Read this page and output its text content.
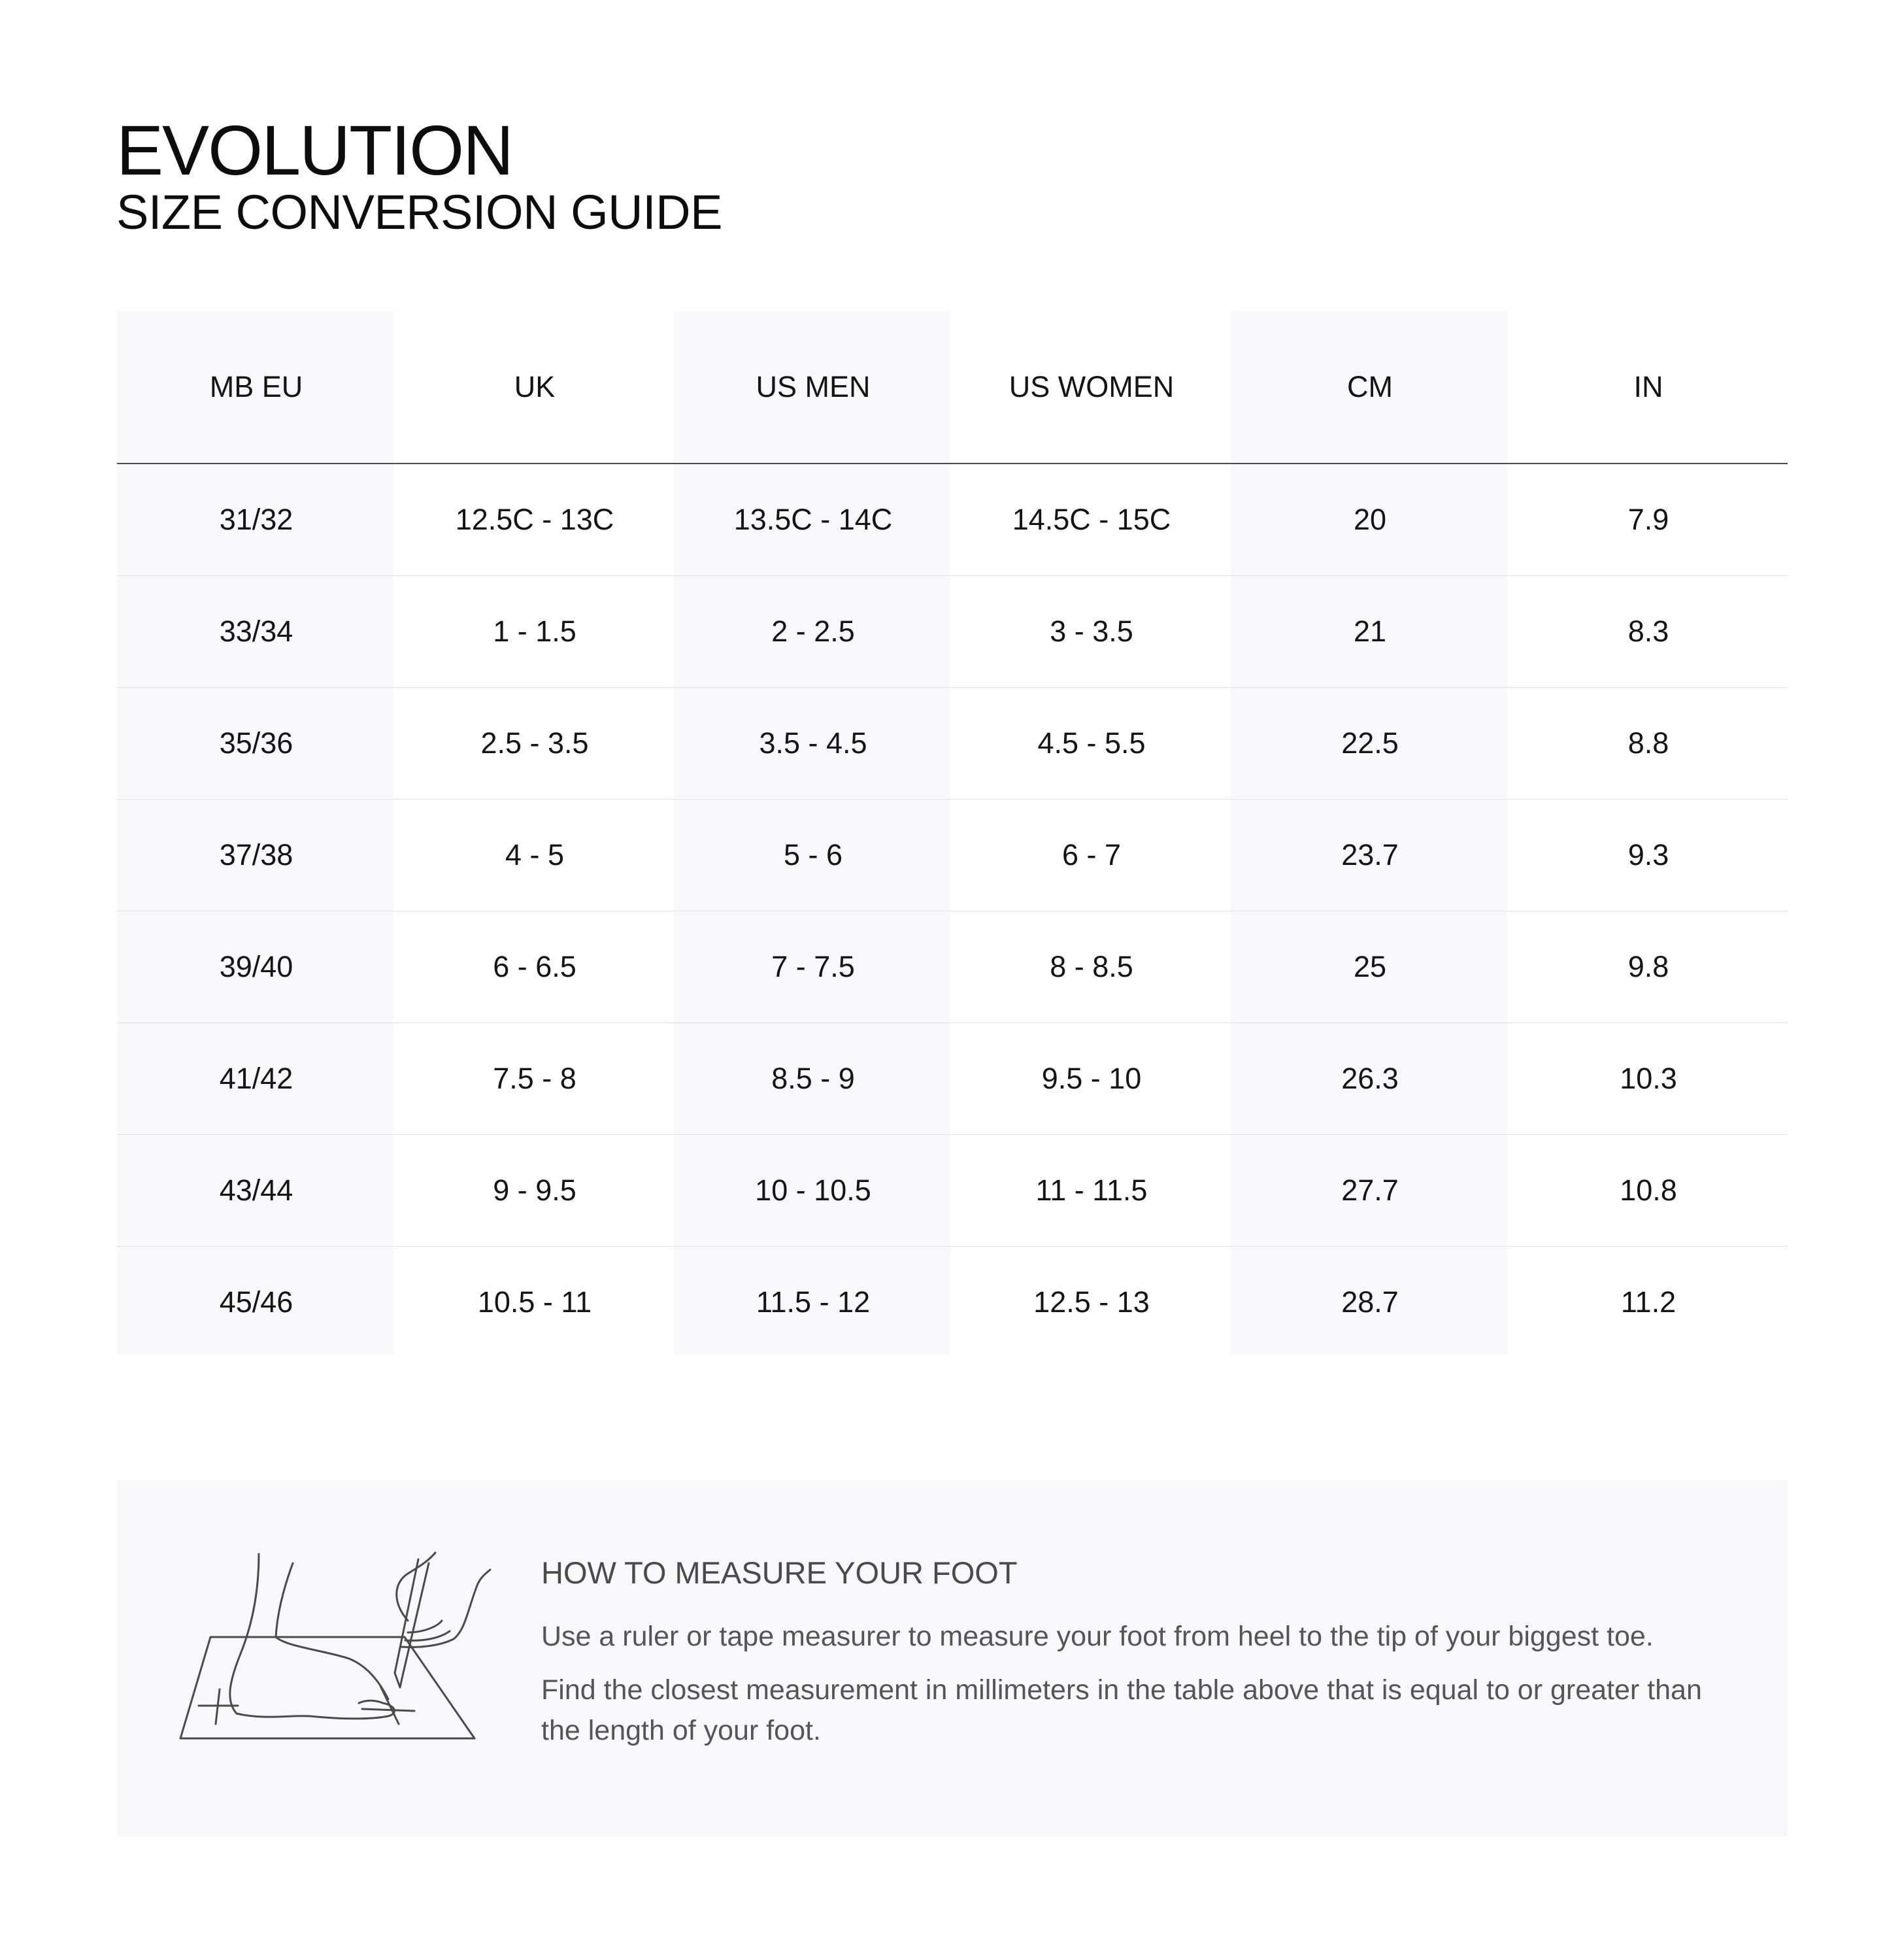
EVOLUTION
SIZE CONVERSION GUIDE
MB EU	UK	US MEN	US WOMEN	CM	IN
31/32	12.5C - 13C	13.5C - 14C	14.5C - 15C	20	7.9
33/34	1 - 1.5	2 - 2.5	3 - 3.5	21	8.3
35/36	2.5 - 3.5	3.5 - 4.5	4.5 - 5.5	22.5	8.8
37/38	4 - 5	5 - 6	6 - 7	23.7	9.3
39/40	6 - 6.5	7 - 7.5	8 - 8.5	25	9.8
41/42	7.5 - 8	8.5 - 9	9.5 - 10	26.3	10.3
43/44	9 - 9.5	10 - 10.5	11 - 11.5	27.7	10.8
45/46	10.5 - 11	11.5 - 12	12.5 - 13	28.7	11.2
HOW TO MEASURE YOUR FOOT

Use a ruler or tape measurer to measure your foot from heel to the tip of your biggest toe.

Find the closest measurement in millimeters in the table above that is equal to or greater than the length of your foot.
